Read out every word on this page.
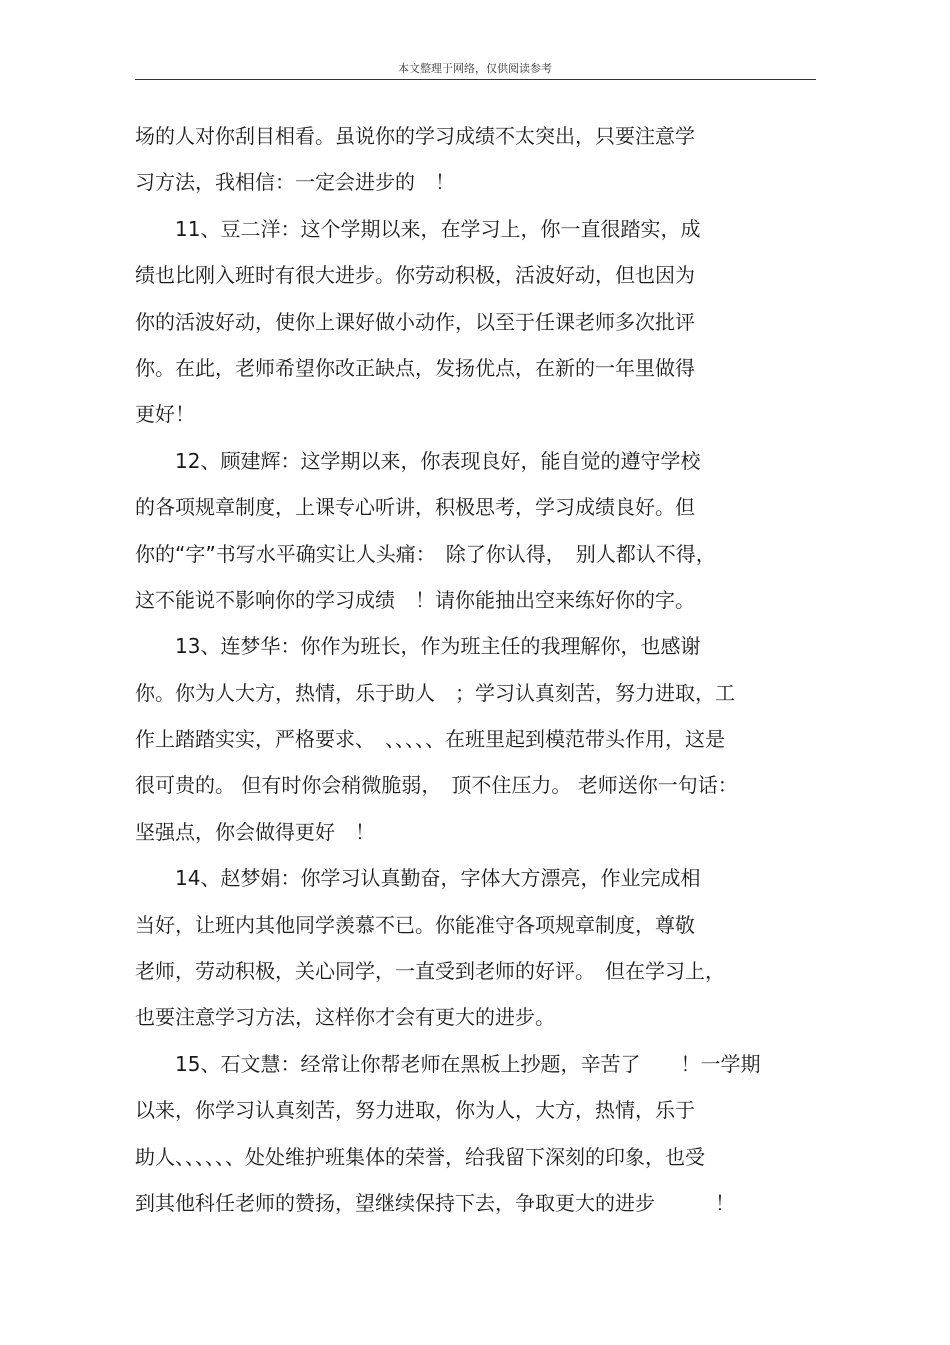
本文整理于网络，仅供阅读参考
场的人对你刮目相看。虽说你的学习成绩不太突出，只要注意学
习方法，我相信：一定会进步的　！
　　11、豆二洋：这个学期以来，在学习上，你一直很踏实，成
绩也比刚入班时有很大进步。你劳动积极，活波好动，但也因为
你的活波好动，使你上课好做小动作，以至于任课老师多次批评
你。在此，老师希望你改正缺点，发扬优点，在新的一年里做得
更好！
　　12、顾建辉：这学期以来，你表现良好，能自觉的遵守学校
的各项规章制度，上课专心听讲，积极思考，学习成绩良好。但
你的“字”书写水平确实让人头痛：　除了你认得，　别人都认不得，
这不能说不影响你的学习成绩　！请你能抽出空来练好你的字。
　　13、连梦华：你作为班长，作为班主任的我理解你，也感谢
你。你为人大方，热情，乐于助人　；学习认真刻苦，努力进取，工
作上踏踏实实，严格要求、　、、、、、在班里起到模范带头作用，这是
很可贵的。 但有时你会稍微脆弱，　顶不住压力。 老师送你一句话：
坚强点，你会做得更好　！
　　14、赵梦娟：你学习认真勤奋，字体大方漂亮，作业完成相
当好，让班内其他同学羡慕不已。你能准守各项规章制度，尊敬
老师，劳动积极，关心同学，一直受到老师的好评。　但在学习上，
也要注意学习方法，这样你才会有更大的进步。
　　15、石文慧：经常让你帮老师在黑板上抄题，辛苦了　　！一学期
以来，你学习认真刻苦，努力进取，你为人，大方，热情，乐于
助人、、、、、、处处维护班集体的荣誉，给我留下深刻的印象，也受
到其他科任老师的赞扬，望继续保持下去，争取更大的进步　　　！
